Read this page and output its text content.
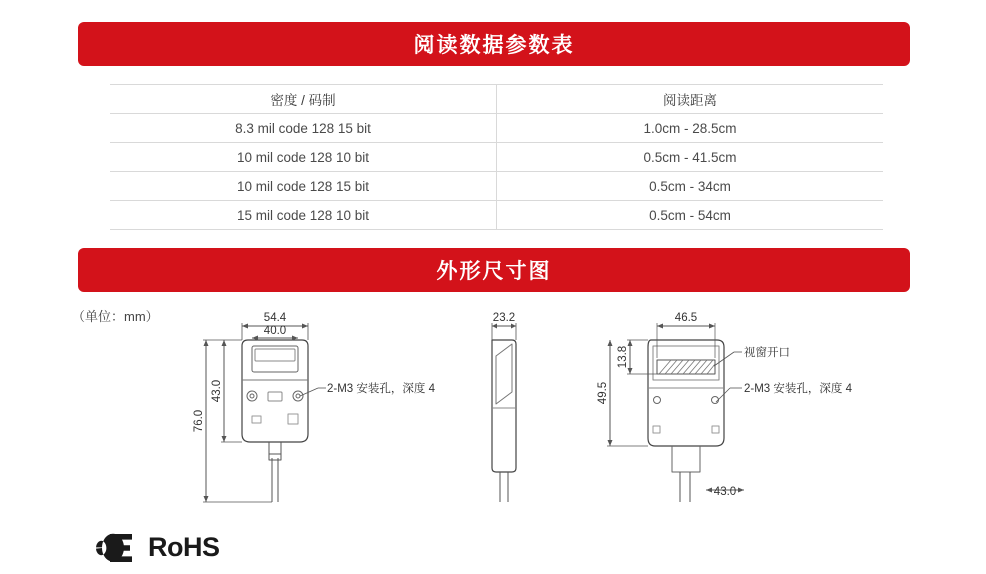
阅读数据参数表
密度 / 码制	阅读距离
8.3 mil code 128 15 bit	1.0cm - 28.5cm
10 mil code 128 10 bit	0.5cm - 41.5cm
10 mil code 128 15 bit	0.5cm - 34cm
15 mil code 128 10 bit	0.5cm - 54cm
外形尺寸图
（单位：mm）	54.4
40.0
23.2	46.5
43.0
76.0
43.0
13.8
49.5
2-M3 安装孔，深度 4
视窗开口
2-M3 安装孔，深度 4
RoHS
